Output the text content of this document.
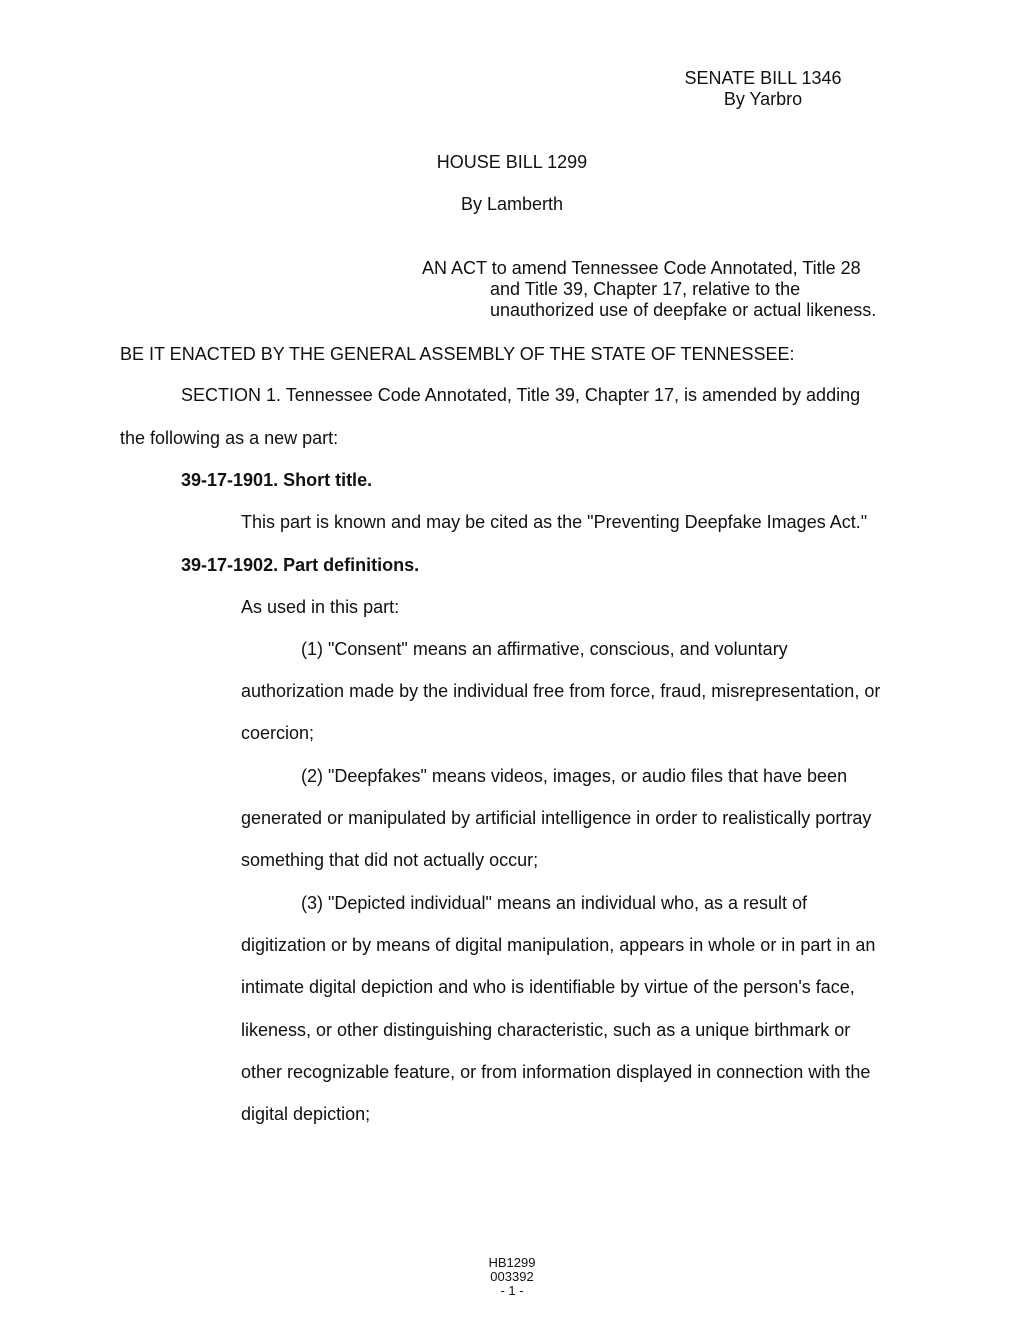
SENATE BILL 1346
By Yarbro
HOUSE BILL 1299
By Lamberth
AN ACT to amend Tennessee Code Annotated, Title 28
and Title 39, Chapter 17, relative to the
unauthorized use of deepfake or actual likeness.
BE IT ENACTED BY THE GENERAL ASSEMBLY OF THE STATE OF TENNESSEE:
SECTION 1. Tennessee Code Annotated, Title 39, Chapter 17, is amended by adding
the following as a new part:
39-17-1901. Short title.
This part is known and may be cited as the "Preventing Deepfake Images Act."
39-17-1902. Part definitions.
As used in this part:
(1) "Consent" means an affirmative, conscious, and voluntary
authorization made by the individual free from force, fraud, misrepresentation, or
coercion;
(2) "Deepfakes" means videos, images, or audio files that have been
generated or manipulated by artificial intelligence in order to realistically portray
something that did not actually occur;
(3) "Depicted individual" means an individual who, as a result of
digitization or by means of digital manipulation, appears in whole or in part in an
intimate digital depiction and who is identifiable by virtue of the person's face,
likeness, or other distinguishing characteristic, such as a unique birthmark or
other recognizable feature, or from information displayed in connection with the
digital depiction;
HB1299
003392
- 1 -
